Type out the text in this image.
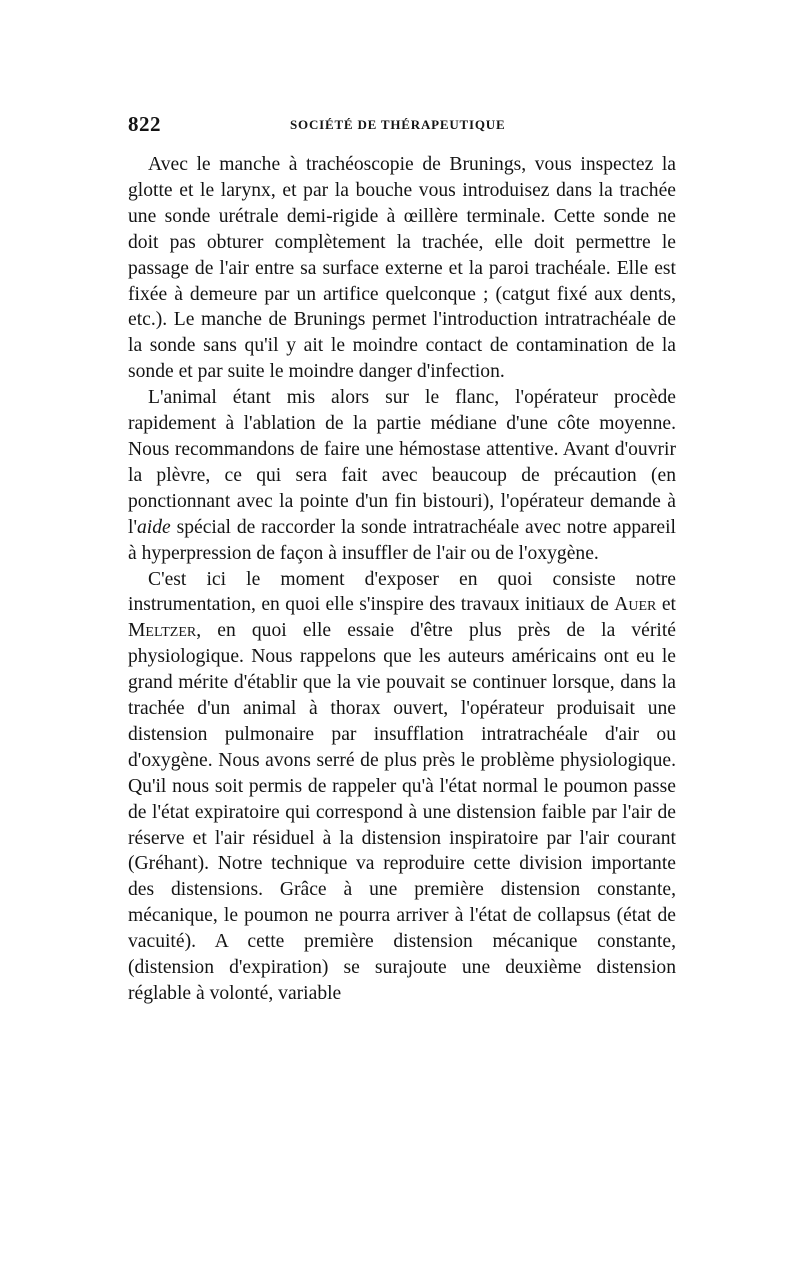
822	SOCIÉTÉ DE THÉRAPEUTIQUE

Avec le manche à trachéoscopie de Brunings, vous inspectez la glotte et le larynx, et par la bouche vous introduisez dans la trachée une sonde urétrale demi-rigide à œillère terminale. Cette sonde ne doit pas obturer complètement la trachée, elle doit permettre le passage de l'air entre sa surface externe et la paroi trachéale. Elle est fixée à demeure par un artifice quelconque ; (catgut fixé aux dents, etc.). Le manche de Brunings permet l'introduction intratrachéale de la sonde sans qu'il y ait le moindre contact de contamination de la sonde et par suite le moindre danger d'infection.

L'animal étant mis alors sur le flanc, l'opérateur procède rapidement à l'ablation de la partie médiane d'une côte moyenne. Nous recommandons de faire une hémostase attentive. Avant d'ouvrir la plèvre, ce qui sera fait avec beaucoup de précaution (en ponctionnant avec la pointe d'un fin bistouri), l'opérateur demande à l'aide spécial de raccorder la sonde intratrachéale avec notre appareil à hyperpression de façon à insuffler de l'air ou de l'oxygène.

C'est ici le moment d'exposer en quoi consiste notre instrumentation, en quoi elle s'inspire des travaux initiaux de Auer et Meltzer, en quoi elle essaie d'être plus près de la vérité physiologique. Nous rappelons que les auteurs américains ont eu le grand mérite d'établir que la vie pouvait se continuer lorsque, dans la trachée d'un animal à thorax ouvert, l'opérateur produisait une distension pulmonaire par insufflation intratrachéale d'air ou d'oxygène. Nous avons serré de plus près le problème physiologique. Qu'il nous soit permis de rappeler qu'à l'état normal le poumon passe de l'état expiratoire qui correspond à une distension faible par l'air de réserve et l'air résiduel à la distension inspiratoire par l'air courant (Gréhant). Notre technique va reproduire cette division importante des distensions. Grâce à une première distension constante, mécanique, le poumon ne pourra arriver à l'état de collapsus (état de vacuité). A cette première distension mécanique constante, (distension d'expiration) se surajoute une deuxième distension réglable à volonté, variable
